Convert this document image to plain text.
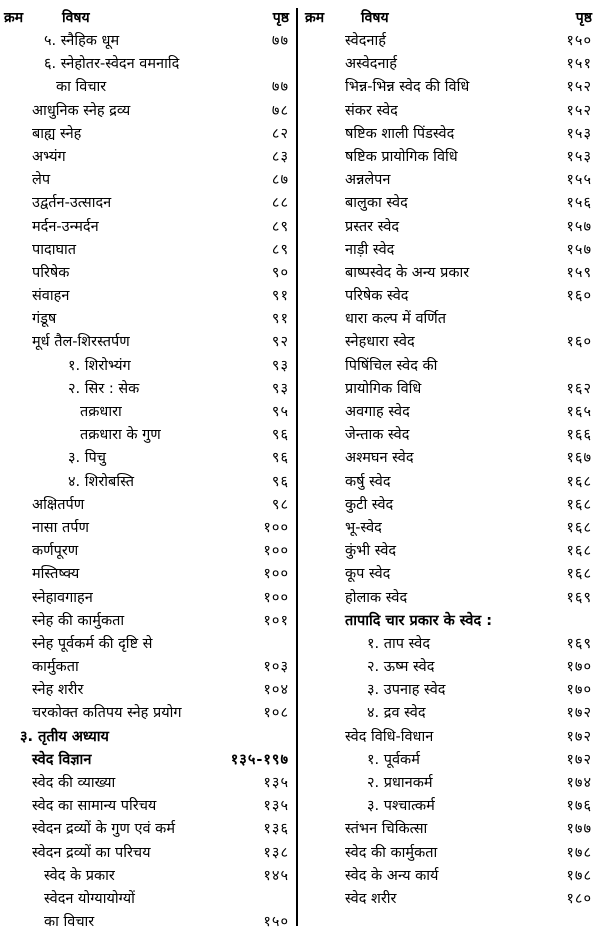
क्रम	विषय	पृष्ठ
५. स्नैहिक धूम	७७
६. स्नेहोतर-स्वेदन वमनादि
का विचार	७७
आधुनिक स्नेह द्रव्य	७८
बाह्य स्नेह	८२
अभ्यंग	८३
लेप	८७
उद्वर्तन-उत्सादन	८८
मर्दन-उन्मर्दन	८९
पादाघात	८९
परिषेक	९०
संवाहन	९१
गंडूष	९१
मूर्ध तैल-शिरस्तर्पण	९२
१. शिरोभ्यंग	९३
२. सिर : सेक	९३
तक्रधारा	९५
तक्रधारा के गुण	९६
३. पिचु	९६
४. शिरोबस्ति	९६
अक्षितर्पण	९८
नासा तर्पण	१००
कर्णपूरण	१००
मस्तिष्क्य	१००
स्नेहावगाहन	१००
स्नेह की कार्मुकता	१०१
स्नेह पूर्वकर्म की दृष्टि से
कार्मुकता	१०३
स्नेह शरीर	१०४
चरकोक्त कतिपय स्नेह प्रयोग	१०८
३. तृतीय अध्याय
स्वेद विज्ञान	१३५-१९७
स्वेद की व्याख्या	१३५
स्वेद का सामान्य परिचय	१३५
स्वेदन द्रव्यों के गुण एवं कर्म	१३६
स्वेदन द्रव्यों का परिचय	१३८
स्वेद के प्रकार	१४५
स्वेदन योग्यायोग्यों
का विचार	१५०
क्रम	विषय	पृष्ठ
स्वेदनार्ह	१५०
अस्वेदनार्ह	१५१
भिन्न-भिन्न स्वेद की विधि	१५२
संकर स्वेद	१५२
षष्टिक शाली पिंडस्वेद	१५३
षष्टिक प्रायोगिक विधि	१५३
अन्नलेपन	१५५
बालुका स्वेद	१५६
प्रस्तर स्वेद	१५७
नाड़ी स्वेद	१५७
बाष्पस्वेद के अन्य प्रकार	१५९
परिषेक स्वेद	१६०
धारा कल्प में वर्णित
स्नेहधारा स्वेद	१६०
पिषिंचिल स्वेद की
प्रायोगिक विधि	१६२
अवगाह स्वेद	१६५
जेन्ताक स्वेद	१६६
अश्मघन स्वेद	१६७
कर्षु स्वेद	१६८
कुटी स्वेद	१६८
भू-स्वेद	१६८
कुंभी स्वेद	१६८
कूप स्वेद	१६८
होलाक स्वेद	१६९
तापादि चार प्रकार के स्वेद :
१. ताप स्वेद	१६९
२. ऊष्म स्वेद	१७०
३. उपनाह स्वेद	१७०
४. द्रव स्वेद	१७२
स्वेद विधि-विधान	१७२
१. पूर्वकर्म	१७२
२. प्रधानकर्म	१७४
३. पश्चात्कर्म	१७६
स्तंभन चिकित्सा	१७७
स्वेद की कार्मुकता	१७८
स्वेद के अन्य कार्य	१७८
स्वेद शरीर	१८०
